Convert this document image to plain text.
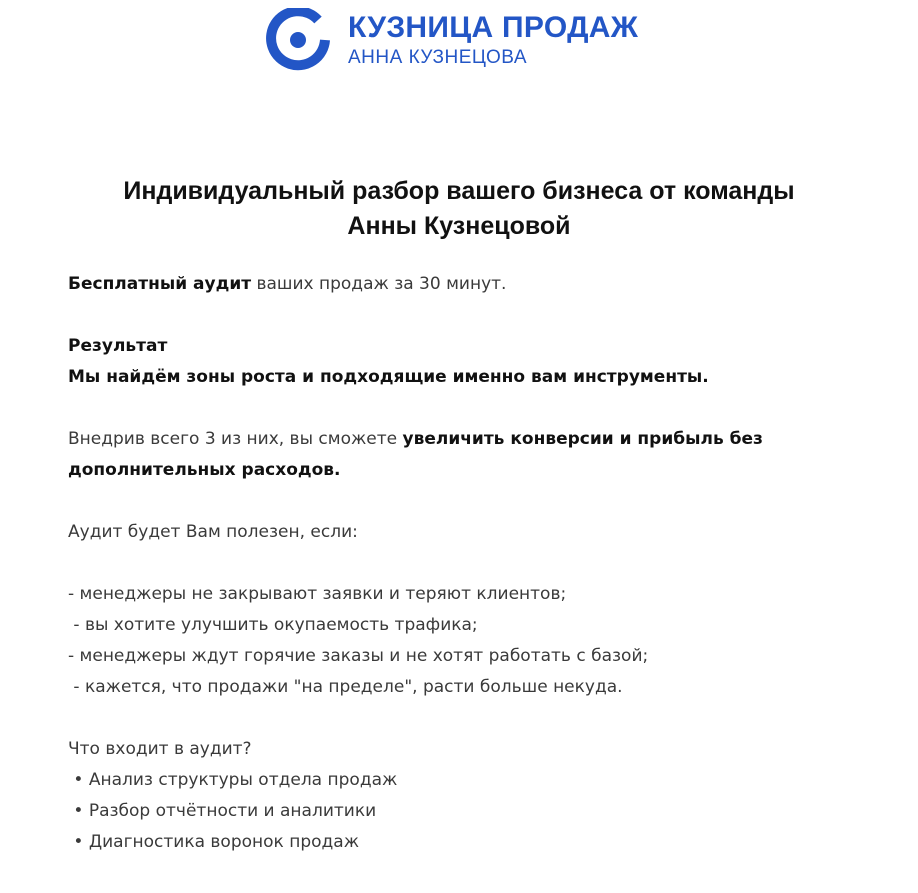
КУЗНИЦА ПРОДАЖ
АННА КУЗНЕЦОВА
Индивидуальный разбор вашего бизнеса от команды
Анны Кузнецовой

Бесплатный аудит ваших продаж за 30 минут.

Результат

Мы найдём зоны роста и подходящие именно вам инструменты.

Внедрив всего 3 из них, вы сможете увеличить конверсии и прибыль без дополнительных расходов.

Аудит будет Вам полезен, если:

- менеджеры не закрывают заявки и теряют клиентов;

- вы хотите улучшить окупаемость трафика;

- менеджеры ждут горячие заказы и не хотят работать с базой;

- кажется, что продажи "на пределе", расти больше некуда.

Что входит в аудит?

• Анализ структуры отдела продаж

• Разбор отчётности и аналитики

• Диагностика воронок продаж
